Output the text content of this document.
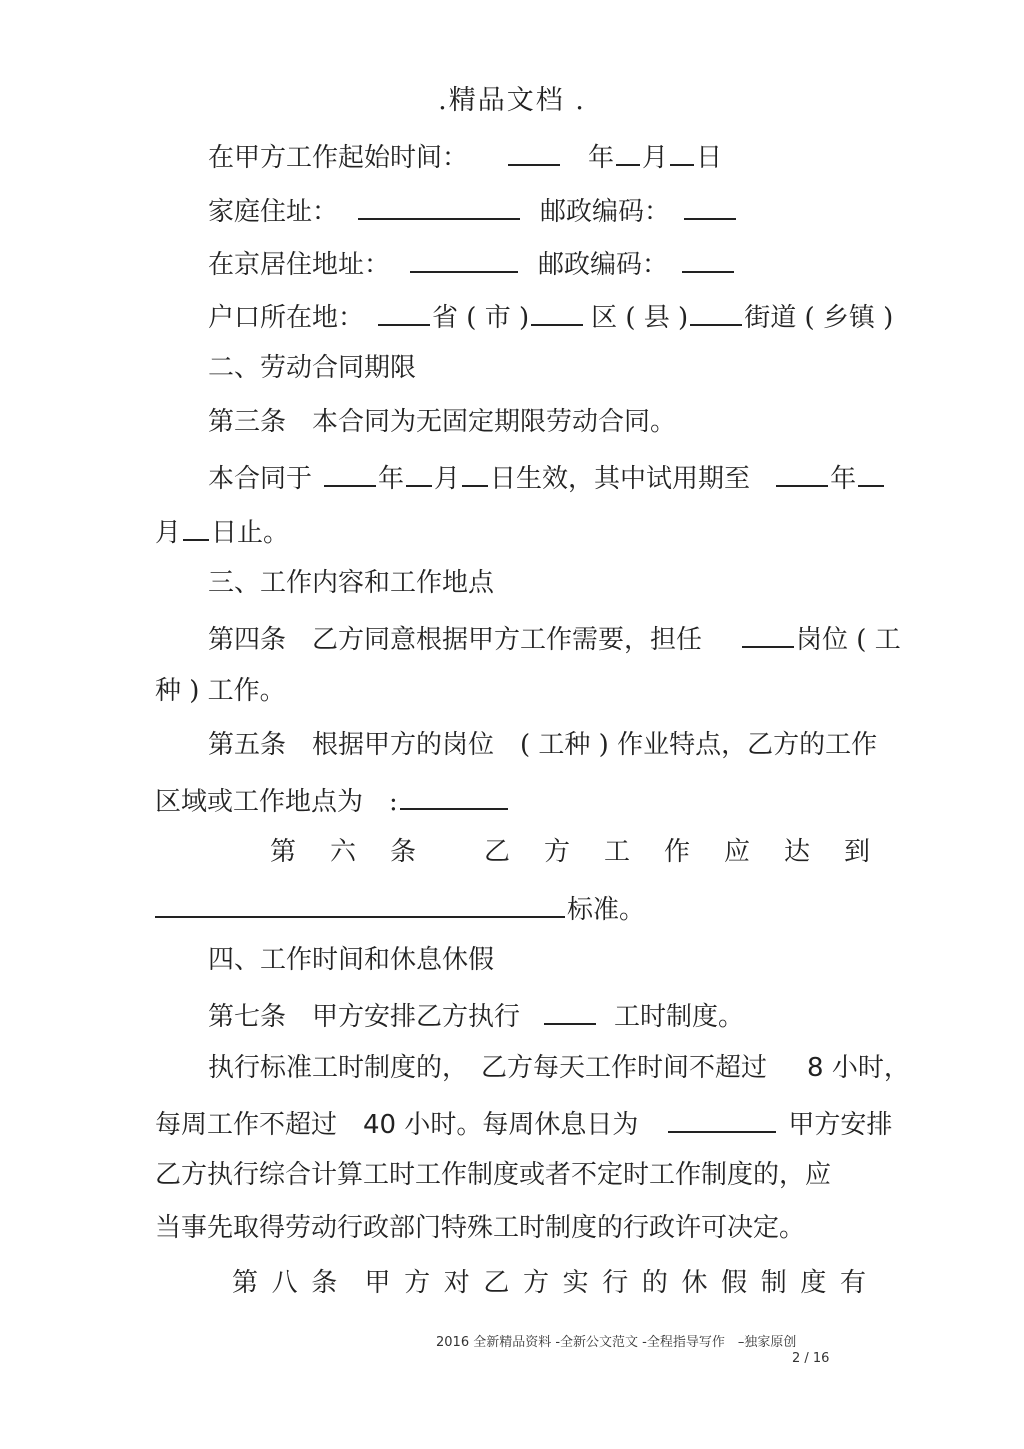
.精品文档 .
在甲方工作起始时间：　	年 月 日
家庭住址：	邮政编码：
在京居住地址：	邮政编码：
户口所在地：	省 ( 市 ) 区 ( 县 ) 街道 ( 乡镇 )
二、劳动合同期限
第三条　本合同为无固定期限劳动合同。
本合同于	年 月 日生效，其中试用期至	年
月 日止。
三、工作内容和工作地点
第四条　乙方同意根据甲方工作需要，担任	岗位 ( 工
种 ) 工作。
第五条　根据甲方的岗位　( 工种 ) 作业特点，乙方的工作
区域或工作地点为　:
第 六 条	乙 方 工 作 应 达 到
标准。
四、工作时间和休息休假
第七条　甲方安排乙方执行	工时制度。
执行标准工时制度的，　乙方每天工作时间不超过 8 小时，
每周工作不超过 40 小时。每周休息日为	甲方安排
乙方执行综合计算工时工作制度或者不定时工作制度的，应
当事先取得劳动行政部门特殊工时制度的行政许可决定。
第 八 条 甲 方 对 乙 方 实 行 的 休 假 制 度 有
2016 全新精品资料 -全新公文范文 -全程指导写作　–独家原创
2 / 16
